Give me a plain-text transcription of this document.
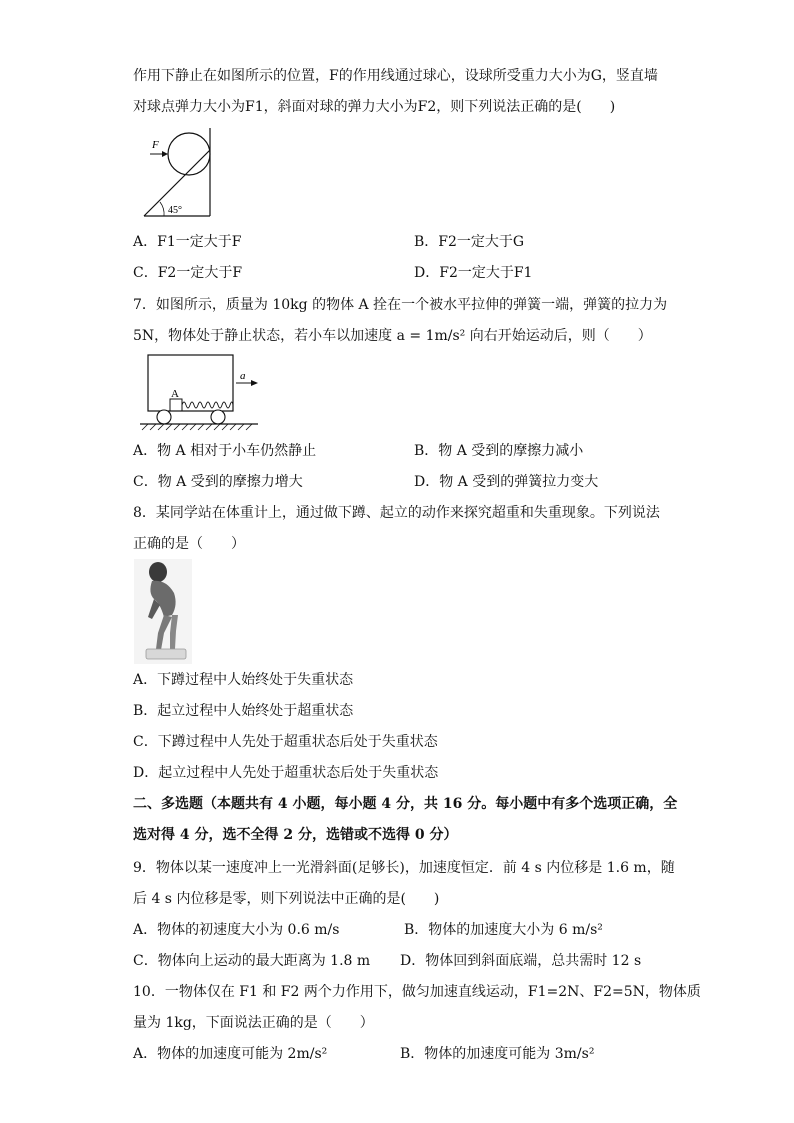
作用下静止在如图所示的位置，F的作用线通过球心，设球所受重力大小为G，竖直墙
对球点弹力大小为F1，斜面对球的弹力大小为F2，则下列说法正确的是(　　)
F
45°
A．F1一定大于F	B．F2一定大于G
C．F2一定大于F	D．F2一定大于F1
7．如图所示，质量为 10kg 的物体 A 拴在一个被水平拉伸的弹簧一端，弹簧的拉力为
5N，物体处于静止状态，若小车以加速度 a = 1m/s² 向右开始运动后，则（　　）
A
a
A．物 A 相对于小车仍然静止	B．物 A 受到的摩擦力减小
C．物 A 受到的摩擦力增大	D．物 A 受到的弹簧拉力变大
8．某同学站在体重计上，通过做下蹲、起立的动作来探究超重和失重现象。下列说法
正确的是（　　）
A．下蹲过程中人始终处于失重状态
B．起立过程中人始终处于超重状态
C．下蹲过程中人先处于超重状态后处于失重状态
D．起立过程中人先处于超重状态后处于失重状态
二、多选题（本题共有 4 小题，每小题 4 分，共 16 分。每小题中有多个选项正确，全
选对得 4 分，选不全得 2 分，选错或不选得 0 分）
9．物体以某一速度冲上一光滑斜面(足够长)，加速度恒定．前 4 s 内位移是 1.6 m，随
后 4 s 内位移是零，则下列说法中正确的是(　　)
A．物体的初速度大小为 0.6 m/s	B．物体的加速度大小为 6 m/s²
C．物体向上运动的最大距离为 1.8 m D．物体回到斜面底端，总共需时 12 s
10．一物体仅在 F1 和 F2 两个力作用下，做匀加速直线运动，F1=2N、F2=5N，物体质
量为 1kg，下面说法正确的是（　　）
A．物体的加速度可能为 2m/s²	B．物体的加速度可能为 3m/s²
